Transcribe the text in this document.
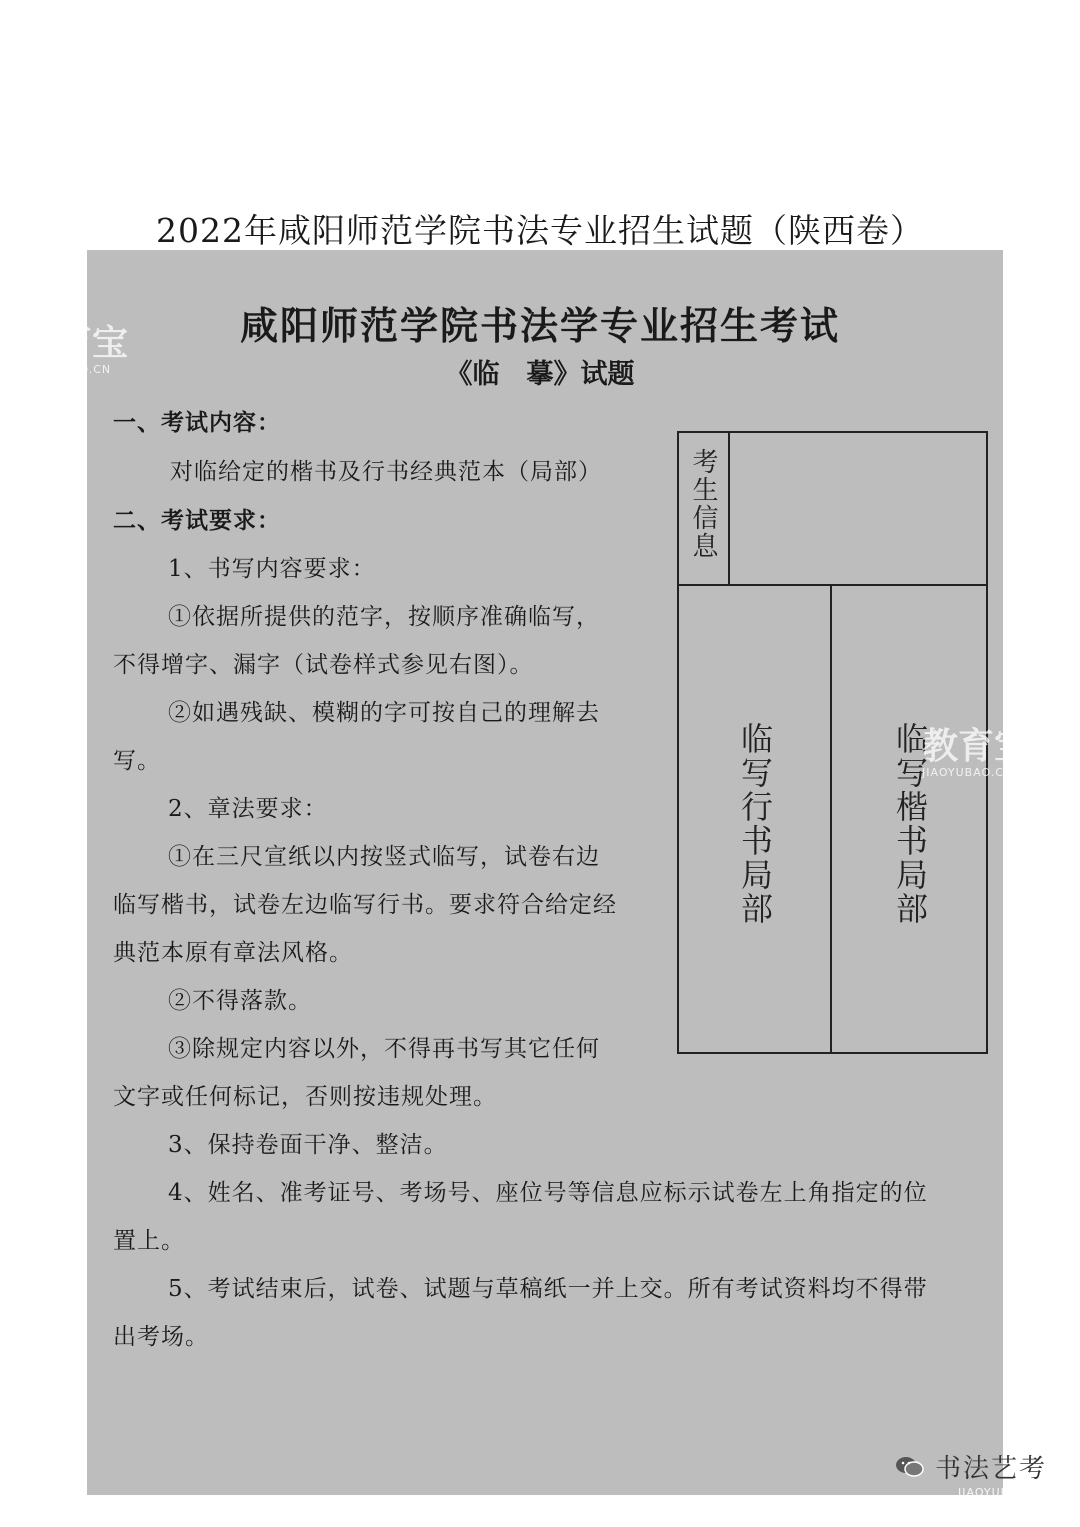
2022年咸阳师范学院书法专业招生试题（陕西卷）
咸阳师范学院书法学专业招生考试
《临　摹》试题
一、考试内容：
对临给定的楷书及行书经典范本（局部）
二、考试要求：
1、书写内容要求：
①依据所提供的范字，按顺序准确临写，
不得增字、漏字（试卷样式参见右图）。
②如遇残缺、模糊的字可按自己的理解去
写。
2、章法要求：
①在三尺宣纸以内按竖式临写，试卷右边
临写楷书，试卷左边临写行书。要求符合给定经
典范本原有章法风格。
②不得落款。
③除规定内容以外，不得再书写其它任何
文字或任何标记，否则按违规处理。
3、保持卷面干净、整洁。
4、姓名、准考证号、考场号、座位号等信息应标示试卷左上角指定的位
置上。
5、考试结束后，试卷、试题与草稿纸一并上交。所有考试资料均不得带
出考场。
考生信息
临写行书局部	临写楷书局部
教育宝
JIAOYUBAO.CN
教育宝
JIAOYUBAO.CN
书法艺考
JIAOYUBAO.CN
